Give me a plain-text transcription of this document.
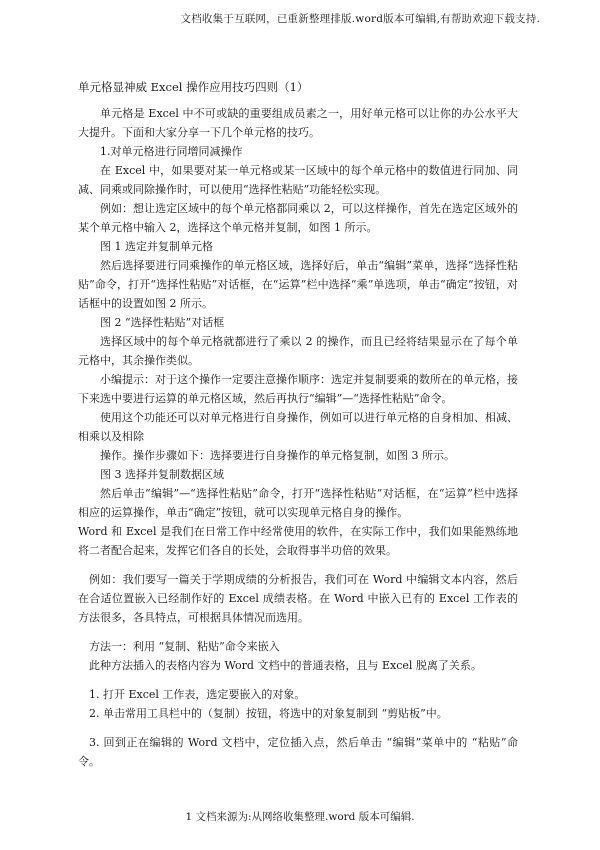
文档收集于互联网，已重新整理排版.word版本可编辑,有帮助欢迎下载支持.
单元格显神威 Excel 操作应用技巧四则（1）

单元格是 Excel 中不可或缺的重要组成员素之一，用好单元格可以让你的办公水平大大提升。下面和大家分享一下几个单元格的技巧。

1.对单元格进行同增同减操作

在 Excel 中，如果要对某一单元格或某一区域中的每个单元格中的数值进行同加、同减、同乘或同除操作时，可以使用“选择性粘贴”功能轻松实现。

例如：想让选定区域中的每个单元格都同乘以 2，可以这样操作，首先在选定区域外的某个单元格中输入 2，选择这个单元格并复制，如图 1 所示。

图 1 选定并复制单元格

然后选择要进行同乘操作的单元格区域，选择好后，单击“编辑”菜单，选择“选择性粘贴”命令，打开“选择性粘贴”对话框，在“运算”栏中选择“乘”单选项，单击“确定”按钮，对话框中的设置如图 2 所示。

图 2 “选择性粘贴”对话框

选择区域中的每个单元格就都进行了乘以 2 的操作，而且已经将结果显示在了每个单元格中，其余操作类似。

小编提示：对于这个操作一定要注意操作顺序：选定并复制要乘的数所在的单元格，接下来选中要进行运算的单元格区域，然后再执行“编辑”—“选择性粘贴”命令。

使用这个功能还可以对单元格进行自身操作，例如可以进行单元格的自身相加、相减、相乘以及相除

操作。操作步骤如下：选择要进行自身操作的单元格复制，如图 3 所示。

图 3 选择并复制数据区域

然后单击“编辑”—“选择性粘贴”命令，打开“选择性粘贴”对话框，在“运算”栏中选择相应的运算操作，单击“确定”按钮，就可以实现单元格自身的操作。

Word 和 Excel 是我们在日常工作中经常使用的软件，在实际工作中，我们如果能熟练地将二者配合起来，发挥它们各自的长处，会取得事半功倍的效果。

例如：我们要写一篇关于学期成绩的分析报告，我们可在 Word 中编辑文本内容，然后在合适位置嵌入已经制作好的 Excel 成绩表格。在 Word 中嵌入已有的 Excel 工作表的方法很多，各具特点，可根据具体情况而选用。

方法一：利用 “复制、粘贴”命令来嵌入

此种方法插入的表格内容为 Word 文档中的普通表格，且与 Excel 脱离了关系。

1. 打开 Excel 工作表，选定要嵌入的对象。

2. 单击常用工具栏中的（复制）按钮，将选中的对象复制到 “剪贴板”中。

3. 回到正在编辑的 Word 文档中，定位插入点，然后单击 “编辑”菜单中的 “粘贴”命令。

1 文档来源为:从网络收集整理.word 版本可编辑.
